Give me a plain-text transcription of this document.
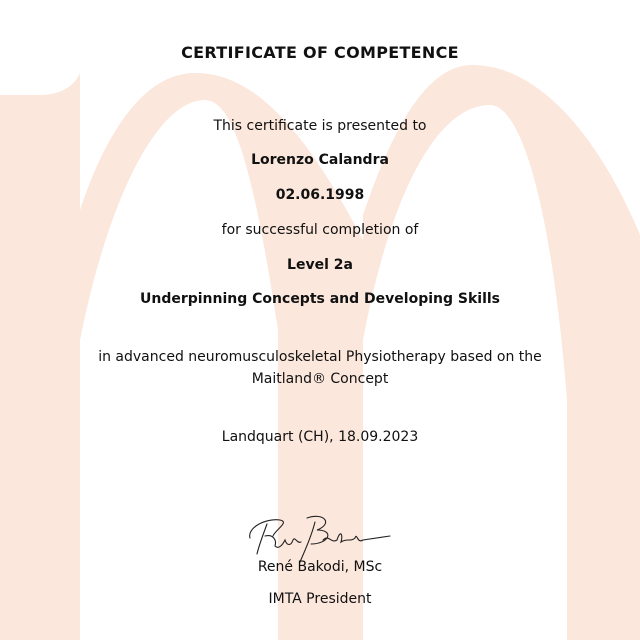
CERTIFICATE OF COMPETENCE
This certificate is presented to
Lorenzo Calandra
02.06.1998
for successful completion of
Level 2a
Underpinning Concepts and Developing Skills
in advanced neuromusculoskeletal Physiotherapy based on the
Maitland® Concept
Landquart (CH), 18.09.2023
René Bakodi, MSc
IMTA President
